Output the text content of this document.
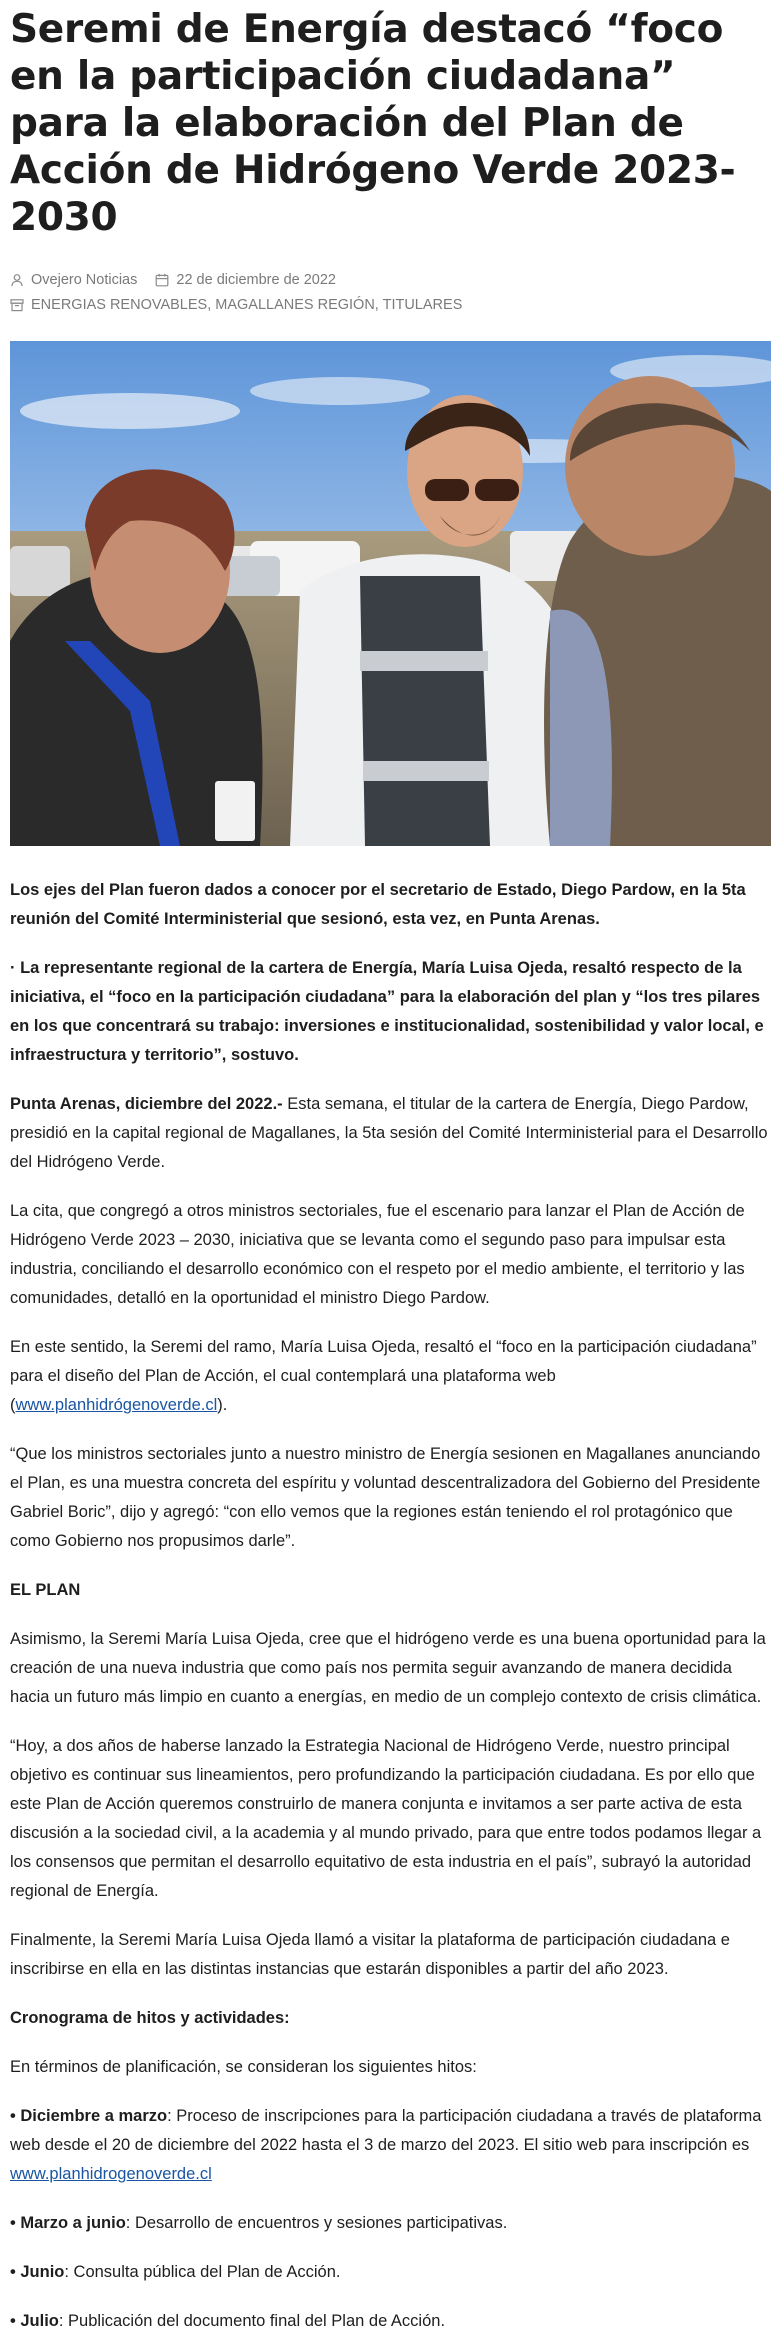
Seremi de Energía destacó “foco en la participación ciudadana” para la elaboración del Plan de Acción de Hidrógeno Verde 2023-2030
Ovejero Noticias	22 de diciembre de 2022
ENERGIAS RENOVABLES, MAGALLANES REGIÓN, TITULARES

Los ejes del Plan fueron dados a conocer por el secretario de Estado, Diego Pardow, en la 5ta reunión del Comité Interministerial que sesionó, esta vez, en Punta Arenas.

· La representante regional de la cartera de Energía, María Luisa Ojeda, resaltó respecto de la iniciativa, el “foco en la participación ciudadana” para la elaboración del plan y “los tres pilares en los que concentrará su trabajo: inversiones e institucionalidad, sostenibilidad y valor local, e infraestructura y territorio”, sostuvo.

Punta Arenas, diciembre del 2022.- Esta semana, el titular de la cartera de Energía, Diego Pardow, presidió en la capital regional de Magallanes, la 5ta sesión del Comité Interministerial para el Desarrollo del Hidrógeno Verde.

La cita, que congregó a otros ministros sectoriales, fue el escenario para lanzar el Plan de Acción de Hidrógeno Verde 2023 – 2030, iniciativa que se levanta como el segundo paso para impulsar esta industria, conciliando el desarrollo económico con el respeto por el medio ambiente, el territorio y las comunidades, detalló en la oportunidad el ministro Diego Pardow.

En este sentido, la Seremi del ramo, María Luisa Ojeda, resaltó el “foco en la participación ciudadana” para el diseño del Plan de Acción, el cual contemplará una plataforma web (www.planhidrógenoverde.cl).

“Que los ministros sectoriales junto a nuestro ministro de Energía sesionen en Magallanes anunciando el Plan, es una muestra concreta del espíritu y voluntad descentralizadora del Gobierno del Presidente Gabriel Boric”, dijo y agregó: “con ello vemos que la regiones están teniendo el rol protagónico que como Gobierno nos propusimos darle”.

EL PLAN

Asimismo, la Seremi María Luisa Ojeda, cree que el hidrógeno verde es una buena oportunidad para la creación de una nueva industria que como país nos permita seguir avanzando de manera decidida hacia un futuro más limpio en cuanto a energías, en medio de un complejo contexto de crisis climática.

“Hoy, a dos años de haberse lanzado la Estrategia Nacional de Hidrógeno Verde, nuestro principal objetivo es continuar sus lineamientos, pero profundizando la participación ciudadana. Es por ello que este Plan de Acción queremos construirlo de manera conjunta e invitamos a ser parte activa de esta discusión a la sociedad civil, a la academia y al mundo privado, para que entre todos podamos llegar a los consensos que permitan el desarrollo equitativo de esta industria en el país”, subrayó la autoridad regional de Energía.

Finalmente, la Seremi María Luisa Ojeda llamó a visitar la plataforma de participación ciudadana e inscribirse en ella en las distintas instancias que estarán disponibles a partir del año 2023.

Cronograma de hitos y actividades:

En términos de planificación, se consideran los siguientes hitos:

• Diciembre a marzo: Proceso de inscripciones para la participación ciudadana a través de plataforma web desde el 20 de diciembre del 2022 hasta el 3 de marzo del 2023. El sitio web para inscripción es www.planhidrogenoverde.cl

• Marzo a junio: Desarrollo de encuentros y sesiones participativas.

• Junio: Consulta pública del Plan de Acción.

• Julio: Publicación del documento final del Plan de Acción.
